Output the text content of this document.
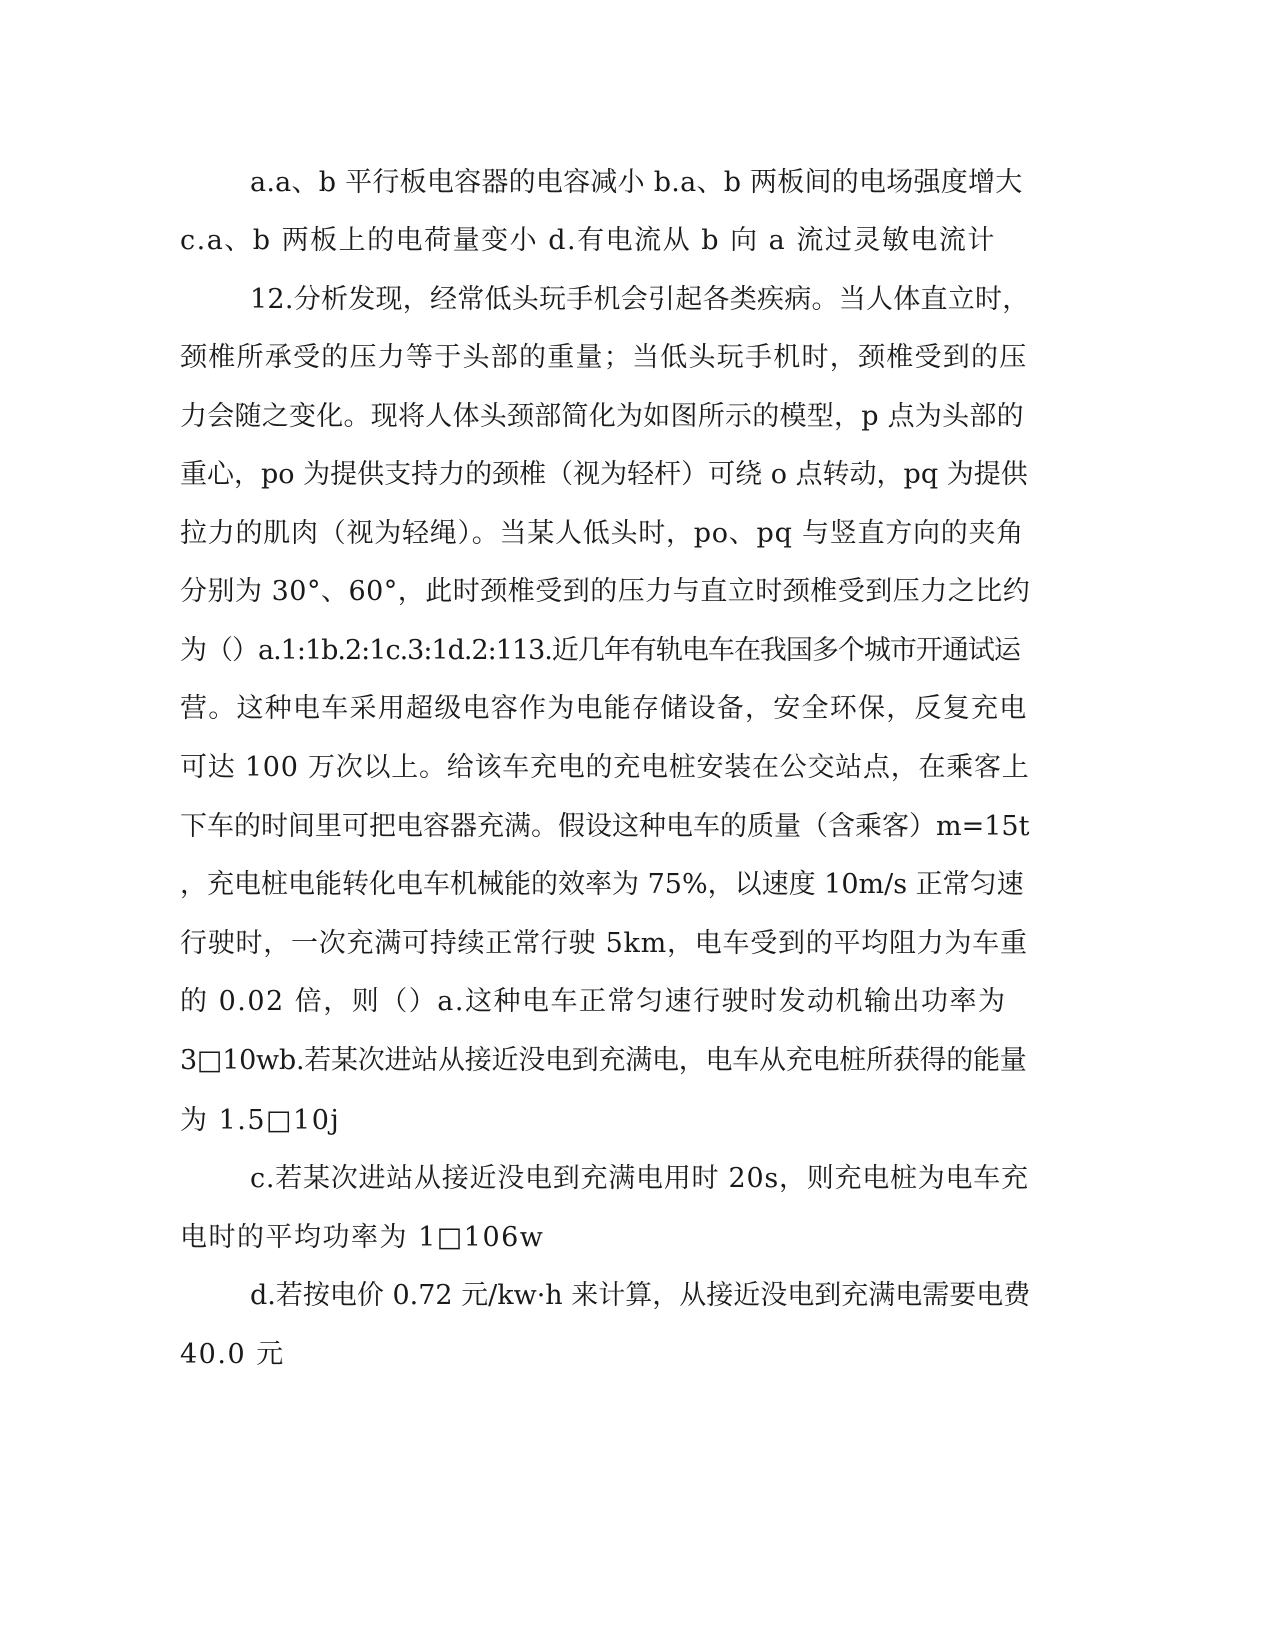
a.a、b 平行板电容器的电容减小 b.a、b 两板间的电场强度增大
c.a、b 两板上的电荷量变小 d.有电流从 b 向 a 流过灵敏电流计
12.分析发现，经常低头玩手机会引起各类疾病。当人体直立时，
颈椎所承受的压力等于头部的重量；当低头玩手机时，颈椎受到的压
力会随之变化。现将人体头颈部简化为如图所示的模型，p 点为头部的
重心，po 为提供支持力的颈椎（视为轻杆）可绕 o 点转动，pq 为提供
拉力的肌肉（视为轻绳）。当某人低头时，po、pq 与竖直方向的夹角
分别为 30°、60°，此时颈椎受到的压力与直立时颈椎受到压力之比约
为（）a.1:1b.2:1c.3:1d.2:113.近几年有轨电车在我国多个城市开通试运
营。这种电车采用超级电容作为电能存储设备，安全环保，反复充电
可达 100 万次以上。给该车充电的充电桩安装在公交站点，在乘客上
下车的时间里可把电容器充满。假设这种电车的质量（含乘客）m=15t
，充电桩电能转化电车机械能的效率为 75%，以速度 10m/s 正常匀速
行驶时，一次充满可持续正常行驶 5km，电车受到的平均阻力为车重
的 0.02 倍，则（）a.这种电车正常匀速行驶时发动机输出功率为
3□10wb.若某次进站从接近没电到充满电，电车从充电桩所获得的能量
为 1.5□10j
c.若某次进站从接近没电到充满电用时 20s，则充电桩为电车充
电时的平均功率为 1□106w
d.若按电价 0.72 元/kw·h 来计算，从接近没电到充满电需要电费
40.0 元
